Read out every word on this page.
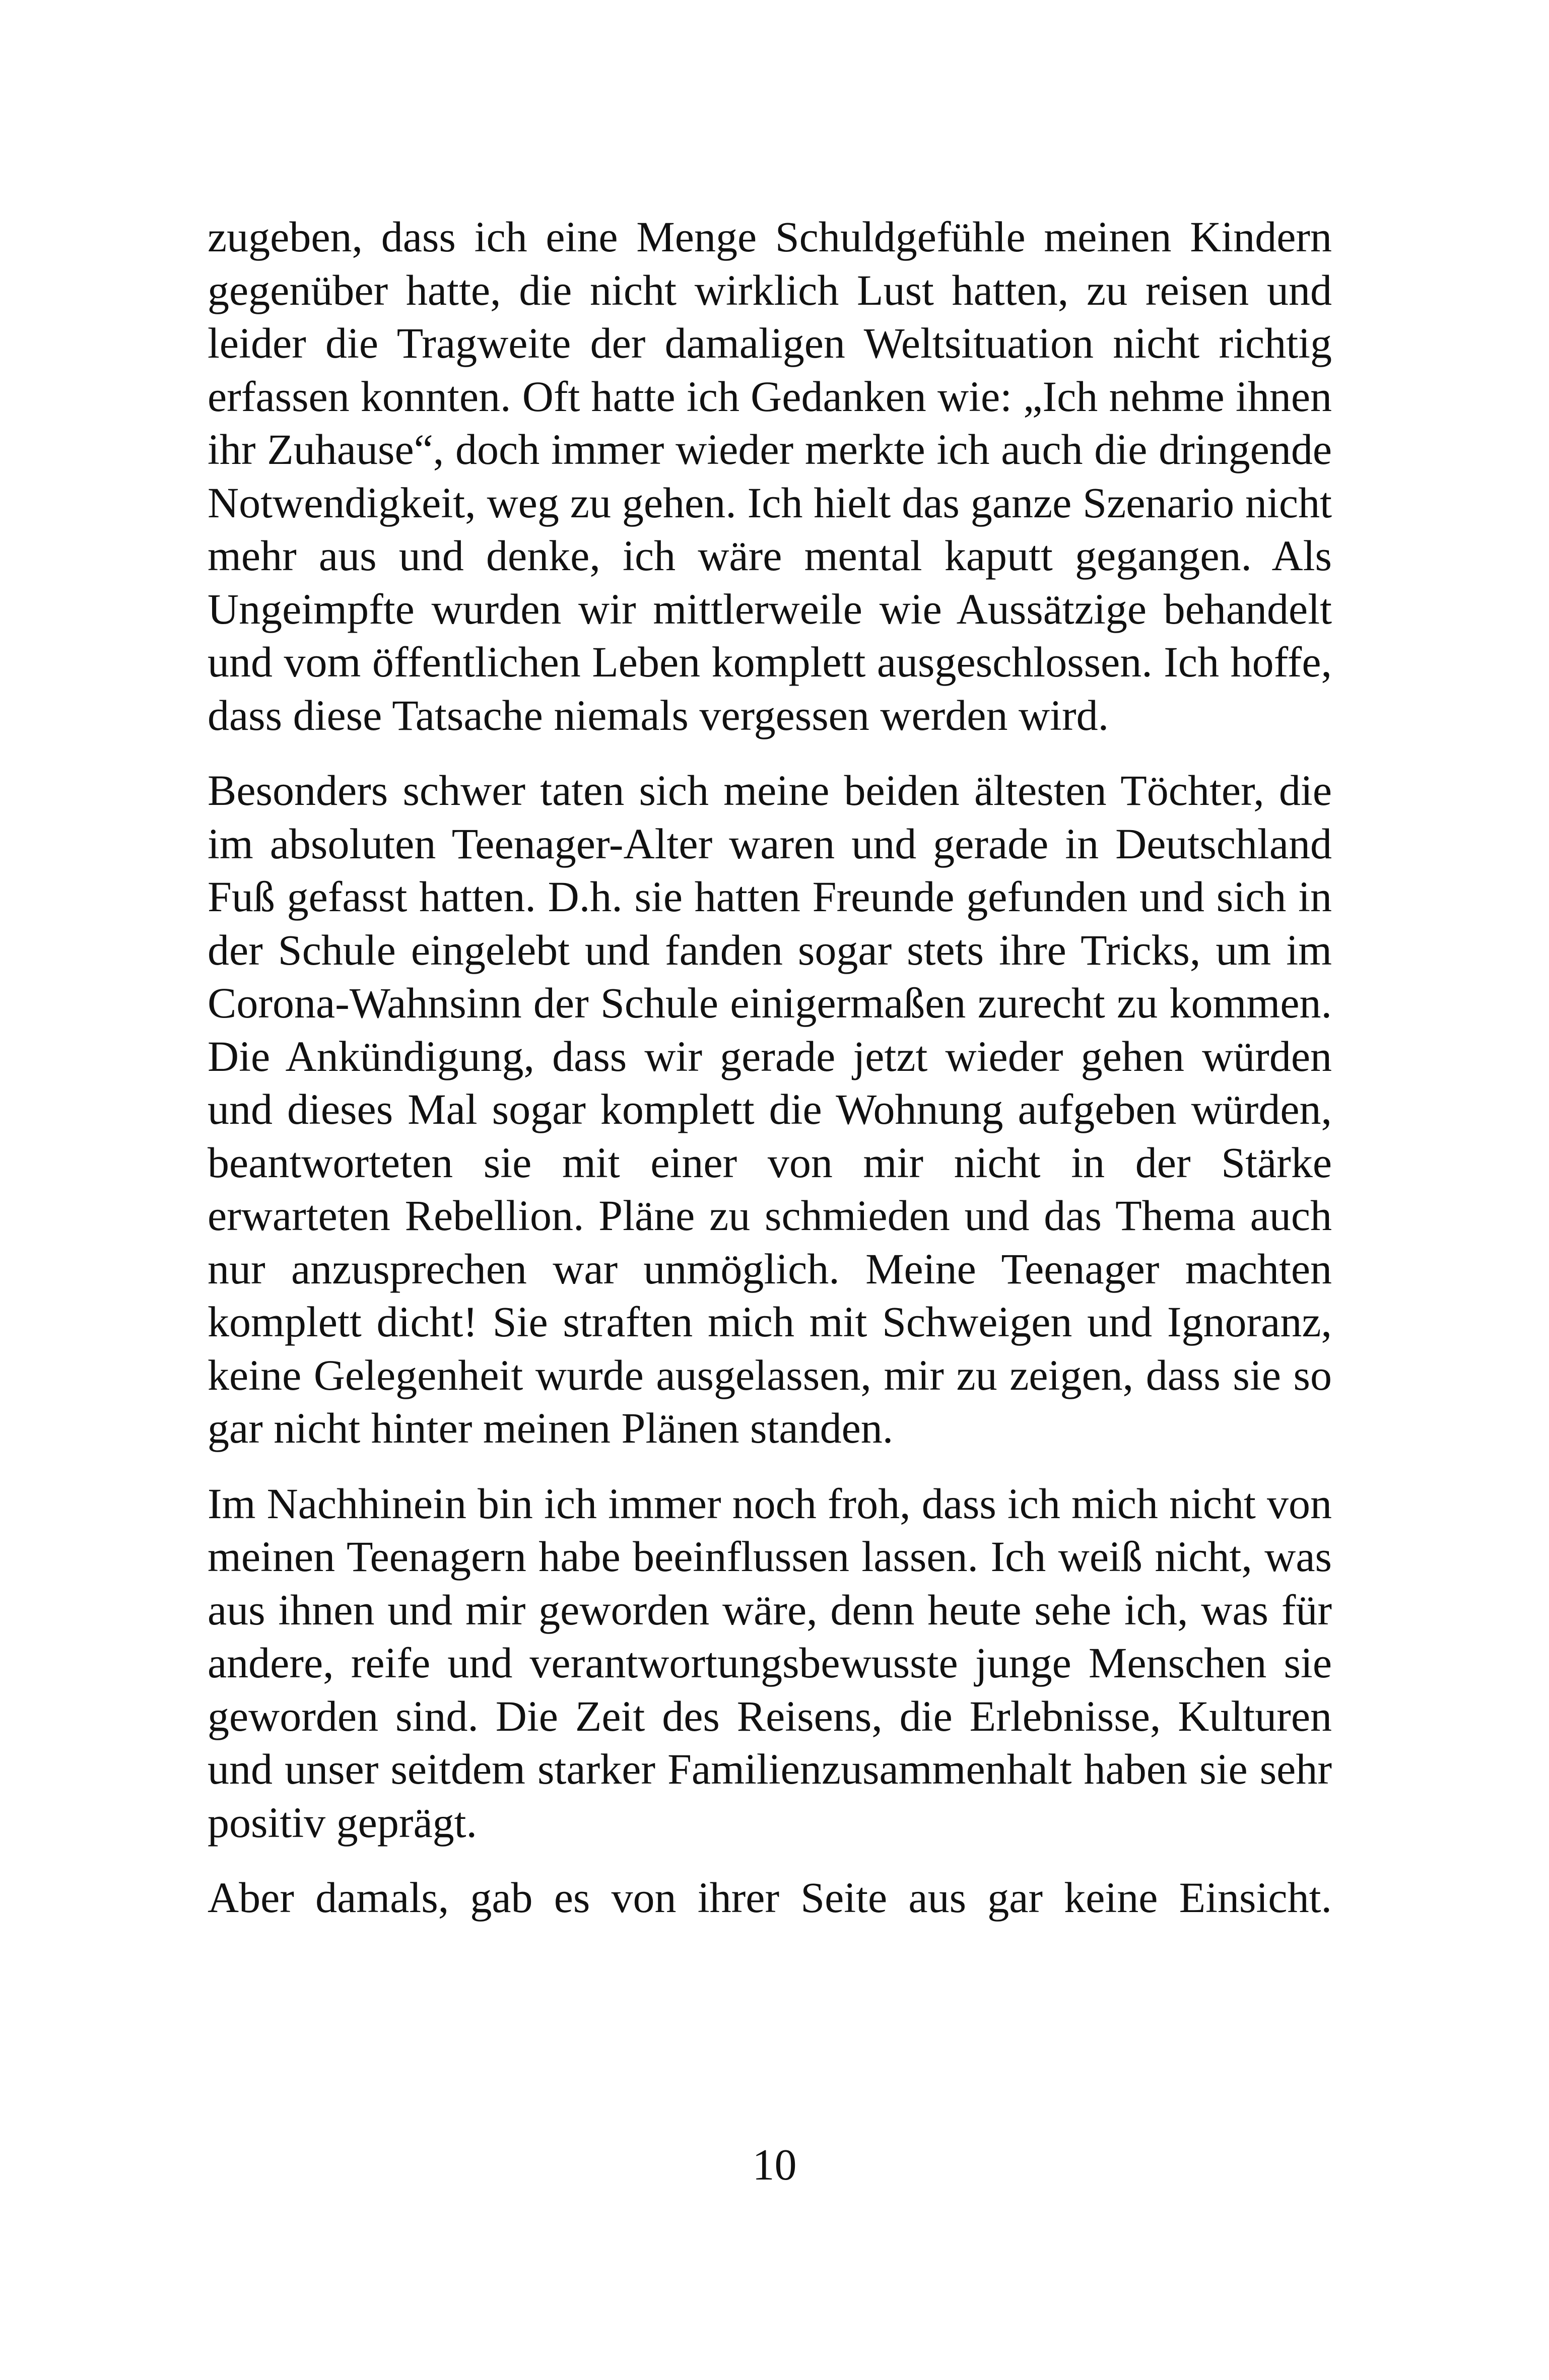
zugeben, dass ich eine Menge Schuldgefühle meinen Kindern gegenüber hatte, die nicht wirklich Lust hatten, zu reisen und leider die Tragweite der damaligen Weltsituation nicht richtig erfassen konnten. Oft hatte ich Gedanken wie: „Ich nehme ihnen ihr Zuhause“, doch immer wieder merkte ich auch die dringende Notwendigkeit, weg zu gehen. Ich hielt das ganze Szenario nicht mehr aus und denke, ich wäre mental kaputt gegangen. Als Ungeimpfte wurden wir mittlerweile wie Aussätzige behandelt und vom öffentlichen Leben komplett ausgeschlossen. Ich hoffe, dass diese Tatsache niemals vergessen werden wird.

Besonders schwer taten sich meine beiden ältesten Töchter, die im absoluten Teenager-Alter waren und gerade in Deutschland Fuß gefasst hatten. D.h. sie hatten Freunde gefunden und sich in der Schule eingelebt und fanden sogar stets ihre Tricks, um im Corona-Wahnsinn der Schule einigermaßen zurecht zu kommen. Die Ankündigung, dass wir gerade jetzt wieder gehen würden und dieses Mal sogar komplett die Wohnung aufgeben würden, beantworteten sie mit einer von mir nicht in der Stärke erwarteten Rebellion. Pläne zu schmieden und das Thema auch nur anzusprechen war unmöglich. Meine Teenager machten komplett dicht! Sie straften mich mit Schweigen und Ignoranz, keine Gelegenheit wurde ausgelassen, mir zu zeigen, dass sie so gar nicht hinter meinen Plänen standen.

Im Nachhinein bin ich immer noch froh, dass ich mich nicht von meinen Teenagern habe beeinflussen lassen. Ich weiß nicht, was aus ihnen und mir geworden wäre, denn heute sehe ich, was für andere, reife und verantwortungsbewusste junge Menschen sie geworden sind. Die Zeit des Reisens, die Erlebnisse, Kulturen und unser seitdem starker Familienzusammenhalt haben sie sehr positiv geprägt.

Aber damals, gab es von ihrer Seite aus gar keine Einsicht.

10
